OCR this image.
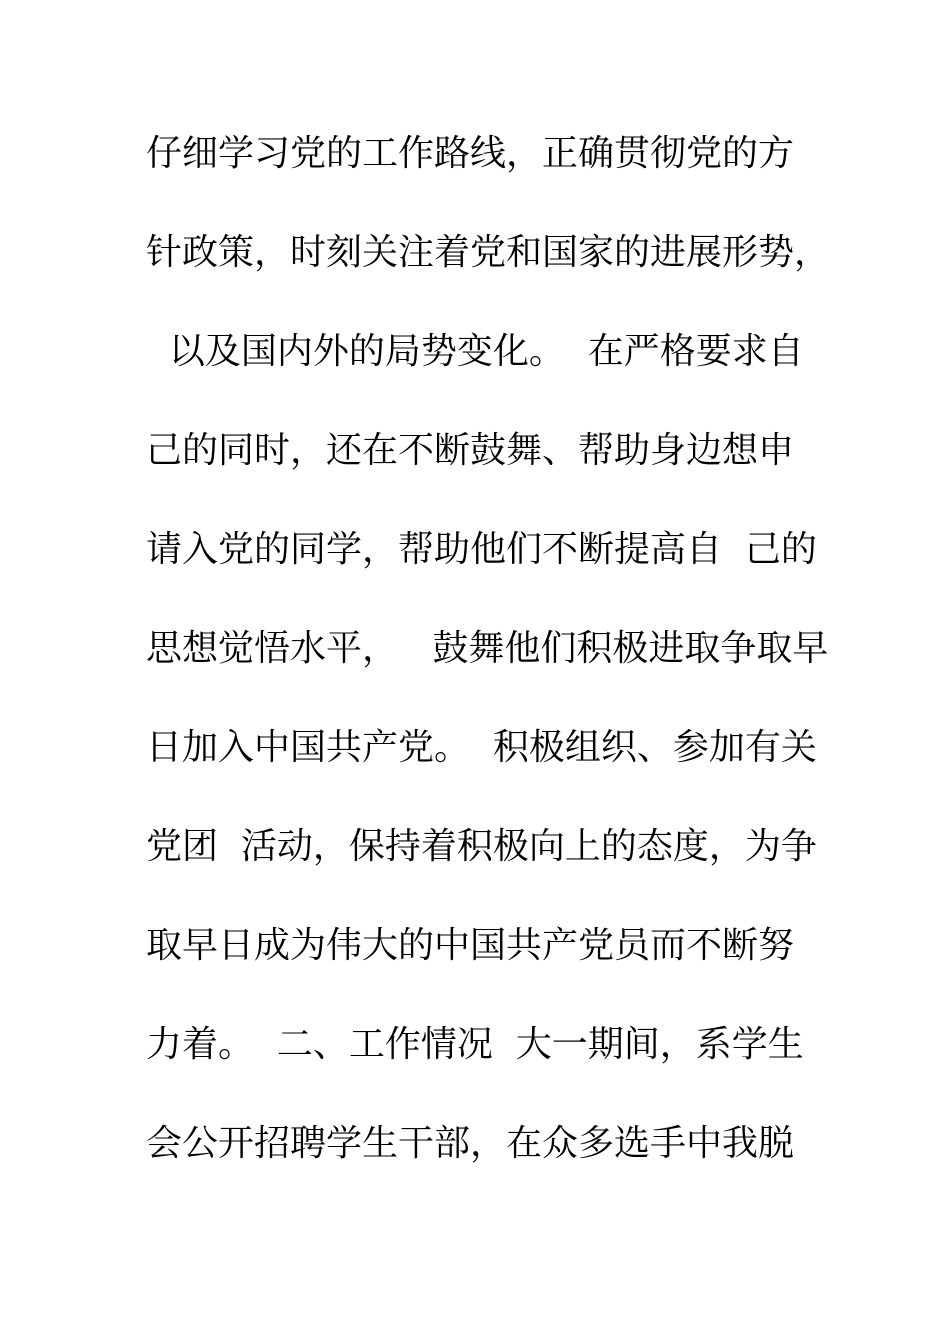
仔细学习党的工作路线，正确贯彻党的方
针政策，时刻关注着党和国家的进展形势，
以及国内外的局势变化。  在严格要求自
己的同时，还在不断鼓舞、帮助身边想申
请入党的同学，帮助他们不断提高自  己的
思想觉悟水平，   鼓舞他们积极进取争取早
日加入中国共产党。  积极组织、参加有关
党团  活动，保持着积极向上的态度，为争
取早日成为伟大的中国共产党员而不断努
力着。  二、工作情况  大一期间，系学生
会公开招聘学生干部，在众多选手中我脱
